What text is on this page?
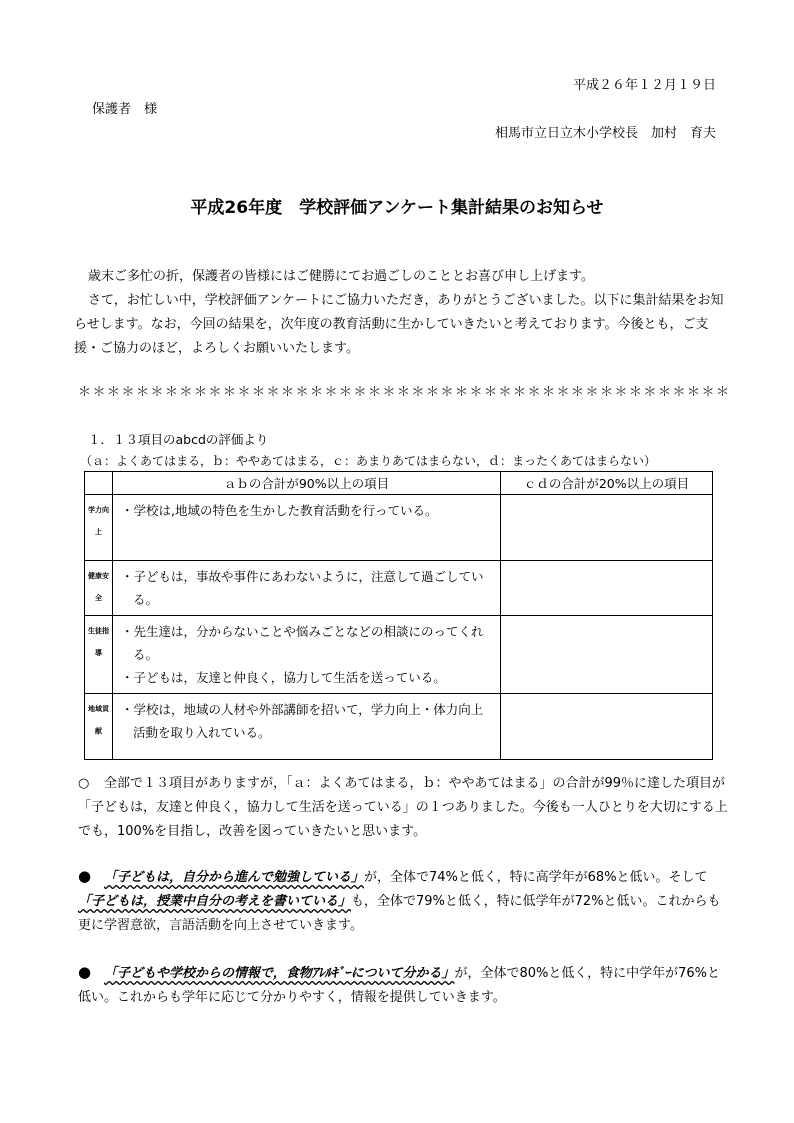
平成２６年１２月１９日
保護者　様
相馬市立日立木小学校長　加村　育夫
平成26年度　学校評価アンケート集計結果のお知らせ
歳末ご多忙の折，保護者の皆様にはご健勝にてお過ごしのこととお喜び申し上げます。
さて，お忙しい中，学校評価アンケートにご協力いただき，ありがとうございました。以下に集計結果をお知らせします。なお，今回の結果を，次年度の教育活動に生かしていきたいと考えております。今後とも，ご支援・ご協力のほど，よろしくお願いいたします。
＊＊＊＊＊＊＊＊＊＊＊＊＊＊＊＊＊＊＊＊＊＊＊＊＊＊＊＊＊＊＊＊＊＊＊＊＊＊＊＊＊＊＊＊＊
１．１３項目のabcdの評価より
（ａ：よくあてはまる，ｂ：ややあてはまる，ｃ：あまりあてはまらない，ｄ：まったくあてはまらない）
	ａｂの合計が90%以上の項目	ｃｄの合計が20%以上の項目
学力向上	・学校は,地域の特色を生かした教育活動を行っている。	

健康安全	・子どもは，事故や事件にあわないように，注意して過ごしている。	

生徒指導	・先生達は，分からないことや悩みごとなどの相談にのってくれる。
・子どもは，友達と仲良く，協力して生活を送っている。	

地域貢献	・学校は，地域の人材や外部講師を招いて，学力向上・体力向上活動を取り入れている。	

○ 全部で１３項目がありますが，「ａ：よくあてはまる，ｂ：ややあてはまる」の合計が99％に達した項目が「子どもは，友達と仲良く，協力して生活を送っている」の１つありました。今後も一人ひとりを大切にする上でも，100%を目指し，改善を図っていきたいと思います。
● 「子どもは，自分から進んで勉強している」が，全体で74%と低く，特に高学年が68%と低い。そして「子どもは，授業中自分の考えを書いている」も，全体で79%と低く，特に低学年が72%と低い。これからも更に学習意欲，言語活動を向上させていきます。
● 「子どもや学校からの情報で，食物ｱﾚﾙｷﾞｰについて分かる」が，全体で80%と低く，特に中学年が76%と低い。これからも学年に応じて分かりやすく，情報を提供していきます。
